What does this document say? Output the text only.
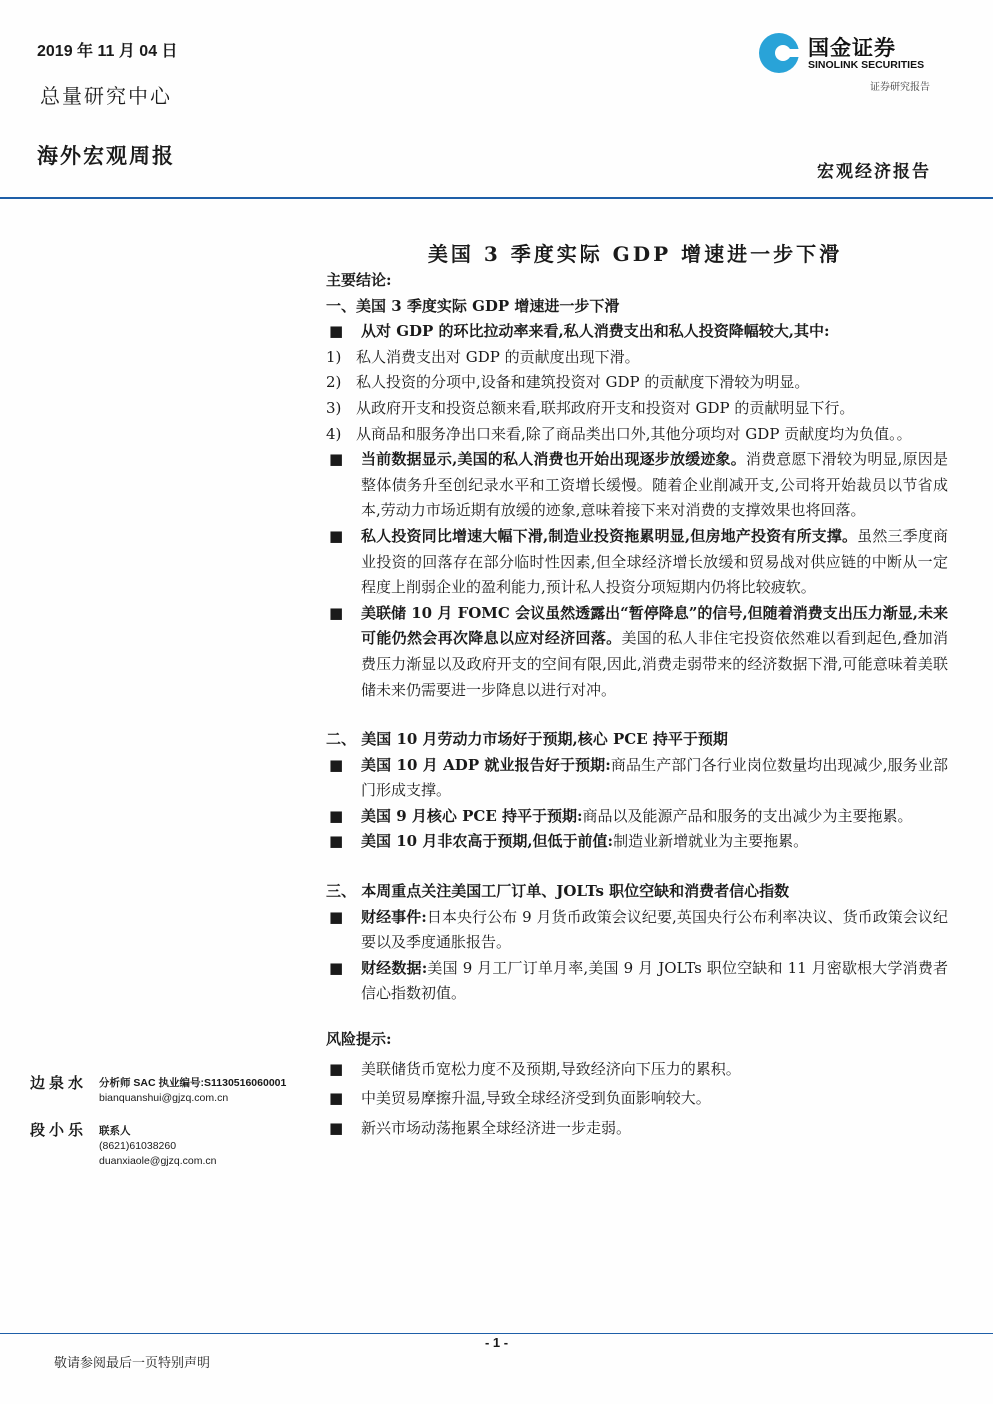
2019 年 11 月 04 日
总量研究中心
海外宏观周报
国金证券
SINOLINK SECURITIES
证券研究报告
宏观经济报告
美国 3 季度实际 GDP 增速进一步下滑

主要结论:

一、美国 3 季度实际 GDP 增速进一步下滑

■ 从对 GDP 的环比拉动率来看,私人消费支出和私人投资降幅较大,其中:

1) 私人消费支出对 GDP 的贡献度出现下滑。

2) 私人投资的分项中,设备和建筑投资对 GDP 的贡献度下滑较为明显。

3) 从政府开支和投资总额来看,联邦政府开支和投资对 GDP 的贡献明显下行。

4) 从商品和服务净出口来看,除了商品类出口外,其他分项均对 GDP 贡献度均为负值。。

■ 当前数据显示,美国的私人消费也开始出现逐步放缓迹象。消费意愿下滑较为明显,原因是整体债务升至创纪录水平和工资增长缓慢。随着企业削减开支,公司将开始裁员以节省成本,劳动力市场近期有放缓的迹象,意味着接下来对消费的支撑效果也将回落。

■ 私人投资同比增速大幅下滑,制造业投资拖累明显,但房地产投资有所支撑。虽然三季度商业投资的回落存在部分临时性因素,但全球经济增长放缓和贸易战对供应链的中断从一定程度上削弱企业的盈利能力,预计私人投资分项短期内仍将比较疲软。

■ 美联储 10 月 FOMC 会议虽然透露出“暂停降息”的信号,但随着消费支出压力渐显,未来可能仍然会再次降息以应对经济回落。美国的私人非住宅投资依然难以看到起色,叠加消费压力渐显以及政府开支的空间有限,因此,消费走弱带来的经济数据下滑,可能意味着美联储未来仍需要进一步降息以进行对冲。

二、 美国 10 月劳动力市场好于预期,核心 PCE 持平于预期

■ 美国 10 月 ADP 就业报告好于预期:商品生产部门各行业岗位数量均出现减少,服务业部门形成支撑。

■ 美国 9 月核心 PCE 持平于预期:商品以及能源产品和服务的支出减少为主要拖累。

■ 美国 10 月非农高于预期,但低于前值:制造业新增就业为主要拖累。

三、 本周重点关注美国工厂订单、JOLTs 职位空缺和消费者信心指数

■ 财经事件:日本央行公布 9 月货币政策会议纪要,英国央行公布利率决议、货币政策会议纪要以及季度通胀报告。

■ 财经数据:美国 9 月工厂订单月率,美国 9 月 JOLTs 职位空缺和 11 月密歇根大学消费者信心指数初值。

风险提示:

■ 美联储货币宽松力度不及预期,导致经济向下压力的累积。

■ 中美贸易摩擦升温,导致全球经济受到负面影响较大。

■ 新兴市场动荡拖累全球经济进一步走弱。

边泉水 分析师 SAC 执业编号:S1130516060001
bianquanshui@gjzq.com.cn
段小乐 联系人
(8621)61038260
duanxiaole@gjzq.com.cn
- 1 -
敬请参阅最后一页特别声明
